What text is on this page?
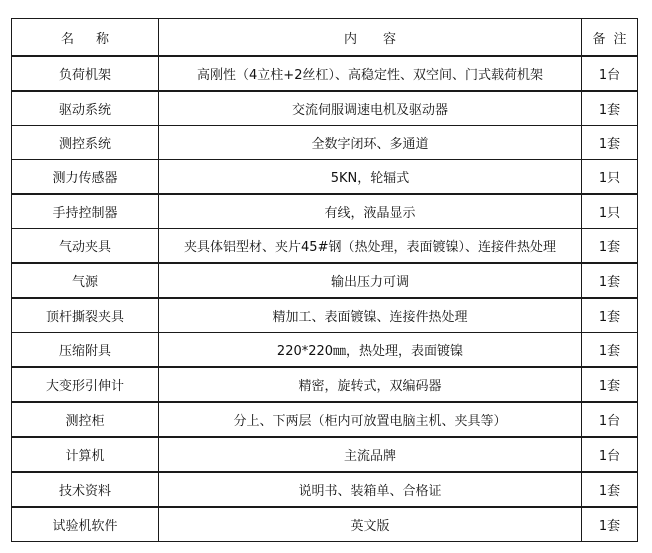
名称	内容	备注
负荷机架	高刚性（4立柱+2丝杠）、高稳定性、双空间、门式载荷机架	1台
驱动系统	交流伺服调速电机及驱动器	1套
测控系统	全数字闭环、多通道	1套
测力传感器	5KN，轮辐式	1只
手持控制器	有线，液晶显示	1只
气动夹具	夹具体铝型材、夹片45#钢（热处理，表面镀镍）、连接件热处理	1套
气源	输出压力可调	1套
顶杆撕裂夹具	精加工、表面镀镍、连接件热处理	1套
压缩附具	220*220㎜，热处理，表面镀镍	1套
大变形引伸计	精密，旋转式，双编码器	1套
测控柜	分上、下两层（柜内可放置电脑主机、夹具等）	1台
计算机	主流品牌	1台
技术资料	说明书、装箱单、合格证	1套
试验机软件	英文版	1套
